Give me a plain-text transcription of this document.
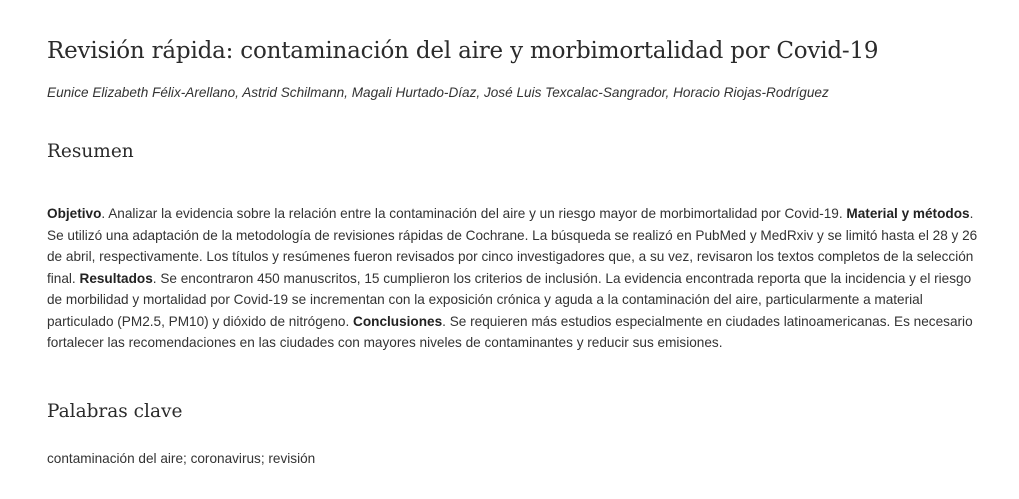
Revisión rápida: contaminación del aire y morbimortalidad por Covid-19

Eunice Elizabeth Félix-Arellano, Astrid Schilmann, Magali Hurtado-Díaz, José Luis Texcalac-Sangrador, Horacio Riojas-Rodríguez

Resumen

Objetivo. Analizar la evidencia sobre la relación entre la contaminación del aire y un riesgo mayor de morbimortalidad por Covid-19. Material y métodos. Se utilizó una adaptación de la metodología de revisiones rápidas de Cochrane. La búsqueda se realizó en PubMed y MedRxiv y se limitó hasta el 28 y 26 de abril, respectivamente. Los títulos y resúmenes fueron revisados por cinco investigadores que, a su vez, revisaron los textos completos de la selección final. Resultados. Se encontraron 450 manuscritos, 15 cumplieron los criterios de inclusión. La evidencia encontrada reporta que la incidencia y el riesgo de morbilidad y mortalidad por Covid-19 se incrementan con la exposición crónica y aguda a la contaminación del aire, particularmente a material particulado (PM2.5, PM10) y dióxido de nitrógeno. Conclusiones. Se requieren más estudios especialmente en ciudades latinoamericanas. Es necesario fortalecer las recomendaciones en las ciudades con mayores niveles de contaminantes y reducir sus emisiones.

Palabras clave

contaminación del aire; coronavirus; revisión
